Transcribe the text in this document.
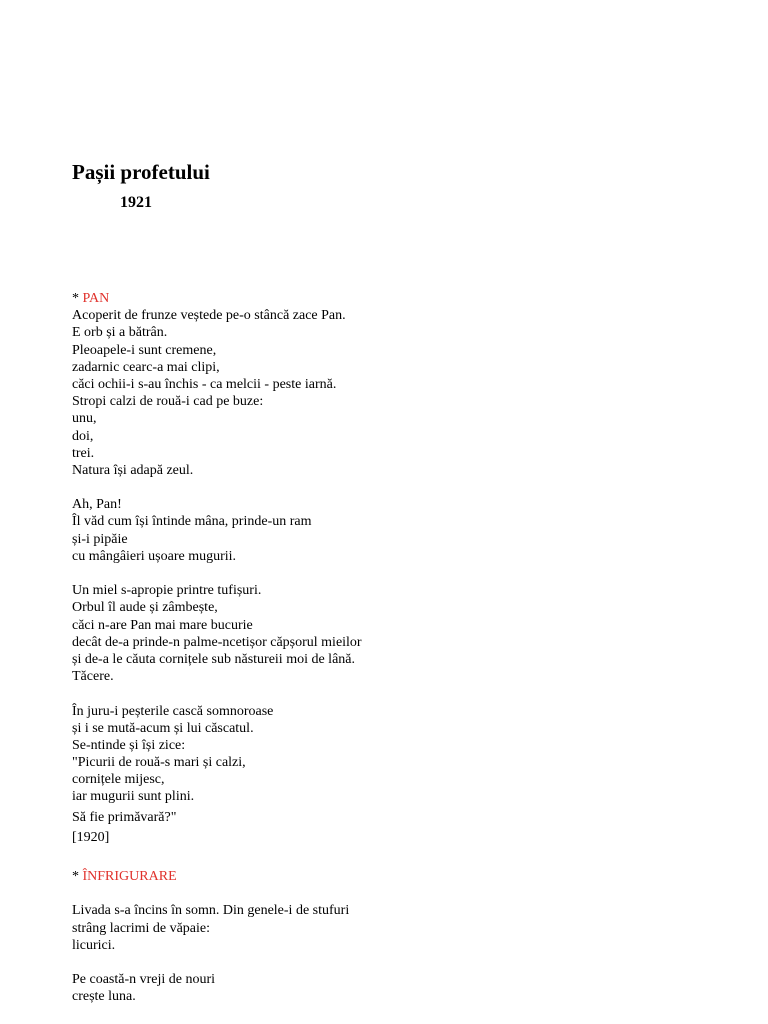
Pașii profetului
1921
* PAN
Acoperit de frunze veștede pe-o stâncă zace Pan.
E orb și a bătrân.
Pleoapele-i sunt cremene,
zadarnic cearc-a mai clipi,
căci ochii-i s-au închis - ca melcii - peste iarnă.
Stropi calzi de rouă-i cad pe buze:
unu,
doi,
trei.
Natura își adapă zeul.
Ah, Pan!
Îl văd cum își întinde mâna, prinde-un ram
și-i pipăie
cu mângâieri ușoare mugurii.
Un miel s-apropie printre tufișuri.
Orbul îl aude și zâmbește,
căci n-are Pan mai mare bucurie
decât de-a prinde-n palme-ncetișor căpșorul mieilor
și de-a le căuta cornițele sub năstureii moi de lână.
Tăcere.
În juru-i peșterile cască somnoroase
și i se mută-acum și lui căscatul.
Se-ntinde și își zice:
"Picurii de rouă-s mari și calzi,
cornițele mijesc,
iar mugurii sunt plini.
Să fie primăvară?"
[1920]
* ÎNFRIGURARE
Livada s-a încins în somn. Din genele-i de stufuri
strâng lacrimi de văpaie:
licurici.
Pe coastă-n vreji de nouri
crește luna.
